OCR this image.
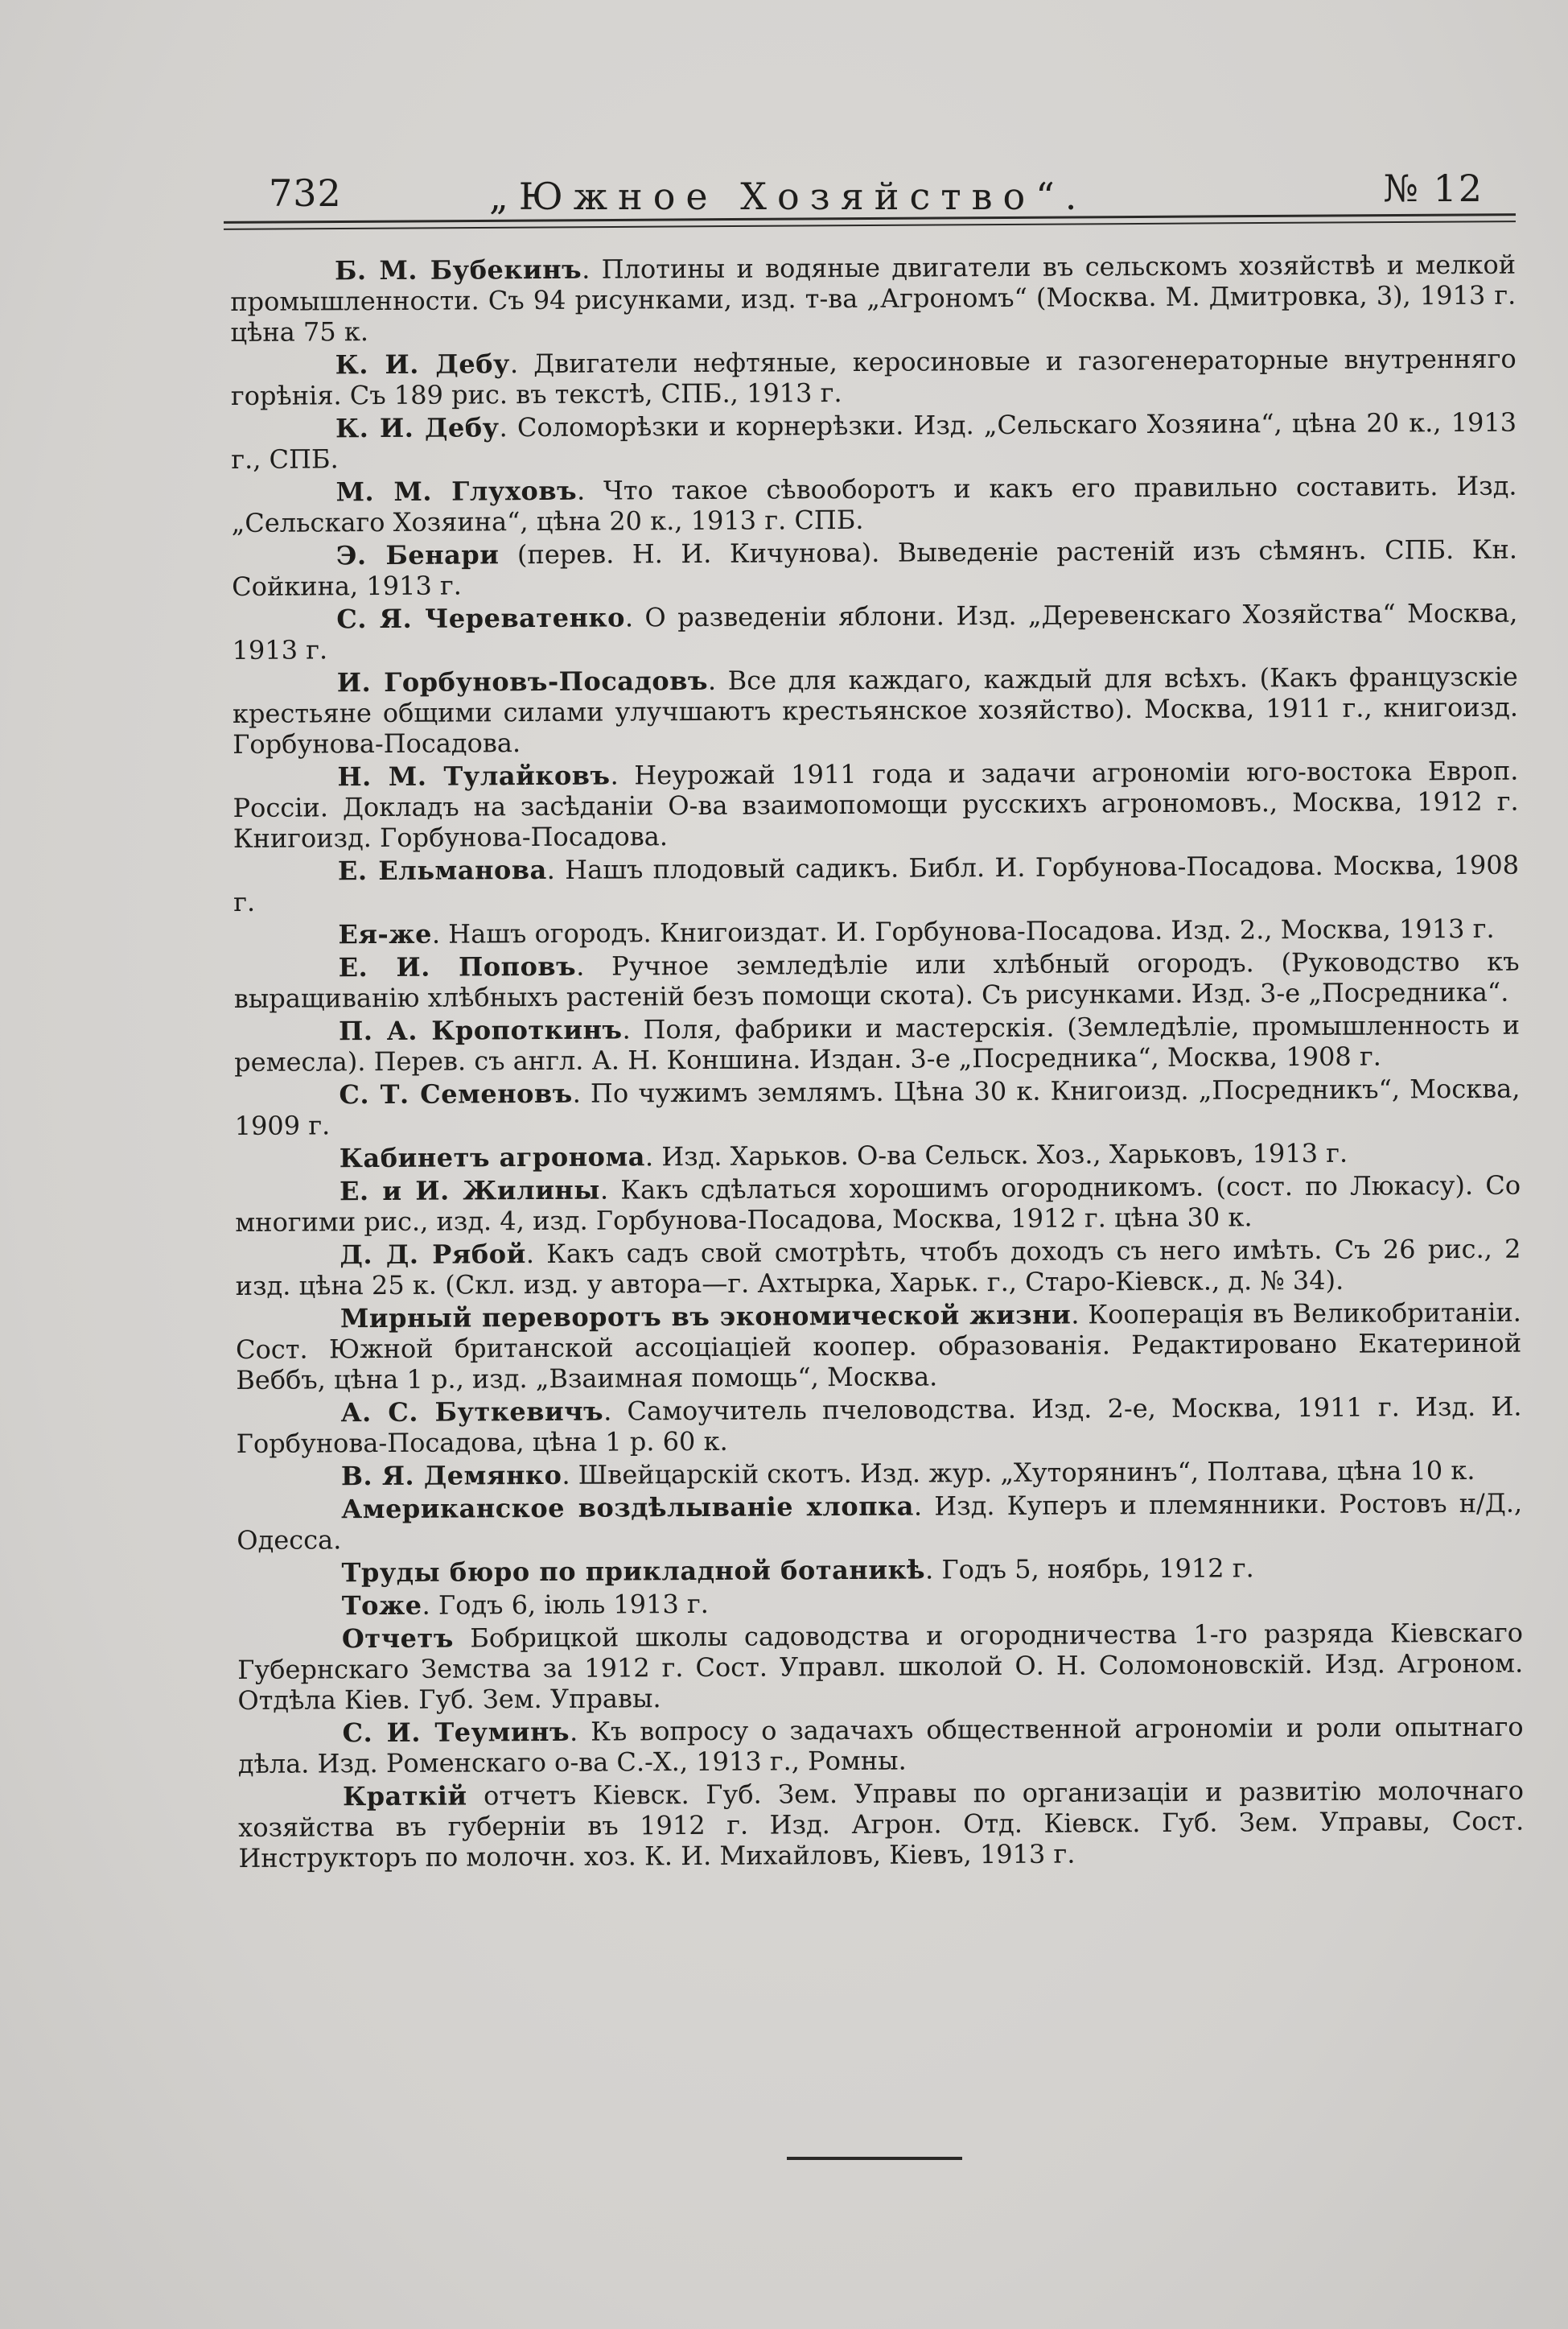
732	„Южное Хозяйство“.	№ 12

Б. М. Бубекинъ. Плотины и водяные двигатели въ сельскомъ хозяйствѣ и мелкой промышленности. Съ 94 рисунками, изд. т-ва „Агрономъ“ (Москва. М. Дмитровка, 3), 1913 г. цѣна 75 к.

К. И. Дебу. Двигатели нефтяные, керосиновые и газогенераторные внутренняго горѣнія. Съ 189 рис. въ текстѣ, СПБ., 1913 г.

К. И. Дебу. Соломорѣзки и корнерѣзки. Изд. „Сельскаго Хозяина“, цѣна 20 к., 1913 г., СПБ.

М. М. Глуховъ. Что такое сѣвооборотъ и какъ его правильно составить. Изд. „Сельскаго Хозяина“, цѣна 20 к., 1913 г. СПБ.

Э. Бенари (перев. Н. И. Кичунова). Выведеніе растеній изъ сѣмянъ. СПБ. Кн. Сойкина, 1913 г.

С. Я. Череватенко. О разведеніи яблони. Изд. „Деревенскаго Хозяйства“ Москва, 1913 г.

И. Горбуновъ-Посадовъ. Все для каждаго, каждый для всѣхъ. (Какъ французскіе крестьяне общими силами улучшаютъ крестьянское хозяйство). Москва, 1911 г., книгоизд. Горбунова-Посадова.

Н. М. Тулайковъ. Неурожай 1911 года и задачи агрономіи юго-востока Европ. Россіи. Докладъ на засѣданіи О-ва взаимопомощи русскихъ агрономовъ., Москва, 1912 г. Книгоизд. Горбунова-Посадова.

Е. Ельманова. Нашъ плодовый садикъ. Библ. И. Горбунова-Посадова. Москва, 1908 г.

Ея-же. Нашъ огородъ. Книгоиздат. И. Горбунова-Посадова. Изд. 2., Москва, 1913 г.

Е. И. Поповъ. Ручное земледѣліе или хлѣбный огородъ. (Руководство къ выращиванію хлѣбныхъ растеній безъ помощи скота). Съ рисунками. Изд. 3-е „Посредника“.

П. А. Кропоткинъ. Поля, фабрики и мастерскія. (Земледѣліе, промышленность и ремесла). Перев. съ англ. А. Н. Коншина. Издан. 3-е „Посредника“, Москва, 1908 г.

С. Т. Семеновъ. По чужимъ землямъ. Цѣна 30 к. Книгоизд. „Посредникъ“, Москва, 1909 г.

Кабинетъ агронома. Изд. Харьков. О-ва Сельск. Хоз., Харьковъ, 1913 г.

Е. и И. Жилины. Какъ сдѣлаться хорошимъ огородникомъ. (сост. по Люкасу). Со многими рис., изд. 4, изд. Горбунова-Посадова, Москва, 1912 г. цѣна 30 к.

Д. Д. Рябой. Какъ садъ свой смотрѣть, чтобъ доходъ съ него имѣть. Съ 26 рис., 2 изд. цѣна 25 к. (Скл. изд. у автора—г. Ахтырка, Харьк. г., Старо-Кіевск., д. № 34).

Мирный переворотъ въ экономической жизни. Кооперація въ Великобританіи. Сост. Южной британской ассоціаціей коопер. образованія. Редактировано Екатериной Веббъ, цѣна 1 р., изд. „Взаимная помощь“, Москва.

А. С. Буткевичъ. Самоучитель пчеловодства. Изд. 2-е, Москва, 1911 г. Изд. И. Горбунова-Посадова, цѣна 1 р. 60 к.

В. Я. Демянко. Швейцарскій скотъ. Изд. жур. „Хуторянинъ“, Полтава, цѣна 10 к.

Американское воздѣлываніе хлопка. Изд. Куперъ и племянники. Ростовъ н/Д., Одесса.

Труды бюро по прикладной ботаникѣ. Годъ 5, ноябрь, 1912 г.

Тоже. Годъ 6, іюль 1913 г.

Отчетъ Бобрицкой школы садоводства и огородничества 1-го разряда Кіевскаго Губернскаго Земства за 1912 г. Сост. Управл. школой О. Н. Соломоновскій. Изд. Агроном. Отдѣла Кіев. Губ. Зем. Управы.

С. И. Теуминъ. Къ вопросу о задачахъ общественной агрономіи и роли опытнаго дѣла. Изд. Роменскаго о-ва С.-Х., 1913 г., Ромны.

Краткій отчетъ Кіевск. Губ. Зем. Управы по организаціи и развитію молочнаго хозяйства въ губерніи въ 1912 г. Изд. Агрон. Отд. Кіевск. Губ. Зем. Управы, Сост. Инструкторъ по молочн. хоз. К. И. Михайловъ, Кіевъ, 1913 г.
